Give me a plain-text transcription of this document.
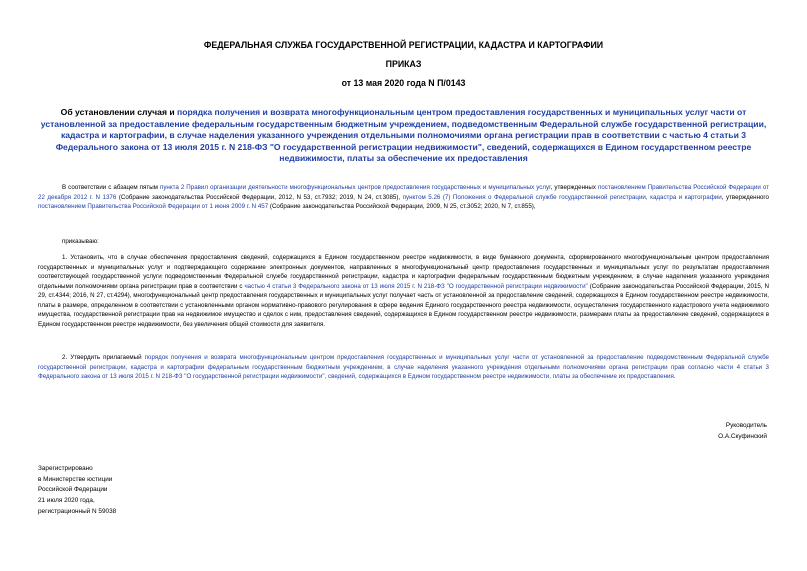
ФЕДЕРАЛЬНАЯ СЛУЖБА ГОСУДАРСТВЕННОЙ РЕГИСТРАЦИИ, КАДАСТРА И КАРТОГРАФИИ
ПРИКАЗ
от 13 мая 2020 года N П/0143
Об установлении случая и порядка получения и возврата многофункциональным центром предоставления государственных и муниципальных услуг части от установленной за предоставление федеральным государственным бюджетным учреждением, подведомственным Федеральной службе государственной регистрации, кадастра и картографии, в случае наделения указанного учреждения отдельными полномочиями органа регистрации прав в соответствии с частью 4 статьи 3 Федерального закона от 13 июля 2015 г. N 218-ФЗ "О государственной регистрации недвижимости", сведений, содержащихся в Едином государственном реестре недвижимости, платы за обеспечение их предоставления
В соответствии с абзацем пятым пункта 2 Правил организации деятельности многофункциональных центров предоставления государственных и муниципальных услуг, утвержденных постановлением Правительства Российской Федерации от 22 декабря 2012 г. N 1376 (Собрание законодательства Российской Федерации, 2012, N 53, ст.7932; 2019, N 24, ст.3085), пунктом 5.26 (7) Положения о Федеральной службе государственной регистрации, кадастра и картографии, утвержденного постановлением Правительства Российской Федерации от 1 июня 2009 г. N 457 (Собрание законодательства Российской Федерации, 2009, N 25, ст.3052; 2020, N 7, ст.855),
приказываю:
1. Установить, что в случае обеспечения предоставления сведений, содержащихся в Едином государственном реестре недвижимости, в виде бумажного документа, сформированного многофункциональным центром предоставления государственных и муниципальных услуг и подтверждающего содержание электронных документов, направленных в многофункциональный центр предоставления государственных и муниципальных услуг по результатам предоставления соответствующей государственной услуги подведомственным Федеральной службе государственной регистрации, кадастра и картографии федеральным государственным бюджетным учреждением, в случае наделения указанного учреждения отдельными полномочиями органа регистрации прав в соответствии с частью 4 статьи 3 Федерального закона от 13 июля 2015 г. N 218-ФЗ "О государственной регистрации недвижимости" (Собрание законодательства Российской Федерации, 2015, N 29, ст.4344; 2016, N 27, ст.4294), многофункциональный центр предоставления государственных и муниципальных услуг получает часть от установленной за предоставление сведений, содержащихся в Едином государственном реестре недвижимости, платы в размере, определенном в соответствии с установленными органом нормативно-правового регулирования в сфере ведения Единого государственного реестра недвижимости, осуществления государственного кадастрового учета недвижимого имущества, государственной регистрации прав на недвижимое имущество и сделок с ним, предоставления сведений, содержащихся в Едином государственном реестре недвижимости, размерами платы за предоставление сведений, содержащихся в Едином государственном реестре недвижимости, без увеличения общей стоимости для заявителя.
2. Утвердить прилагаемый порядок получения и возврата многофункциональным центром предоставления государственных и муниципальных услуг части от установленной за предоставление подведомственным Федеральной службе государственной регистрации, кадастра и картографии федеральным государственным бюджетным учреждением, в случае наделения указанного учреждения отдельными полномочиями органа регистрации прав согласно части 4 статьи 3 Федерального закона от 13 июля 2015 г. N 218-ФЗ "О государственной регистрации недвижимости", сведений, содержащихся в Едином государственном реестре недвижимости, платы за обеспечение их предоставления.
Руководитель
О.А.Скуфинский
Зарегистрировано
в Министерстве юстиции
Российской Федерации
21 июля 2020 года,
регистрационный N 59038
